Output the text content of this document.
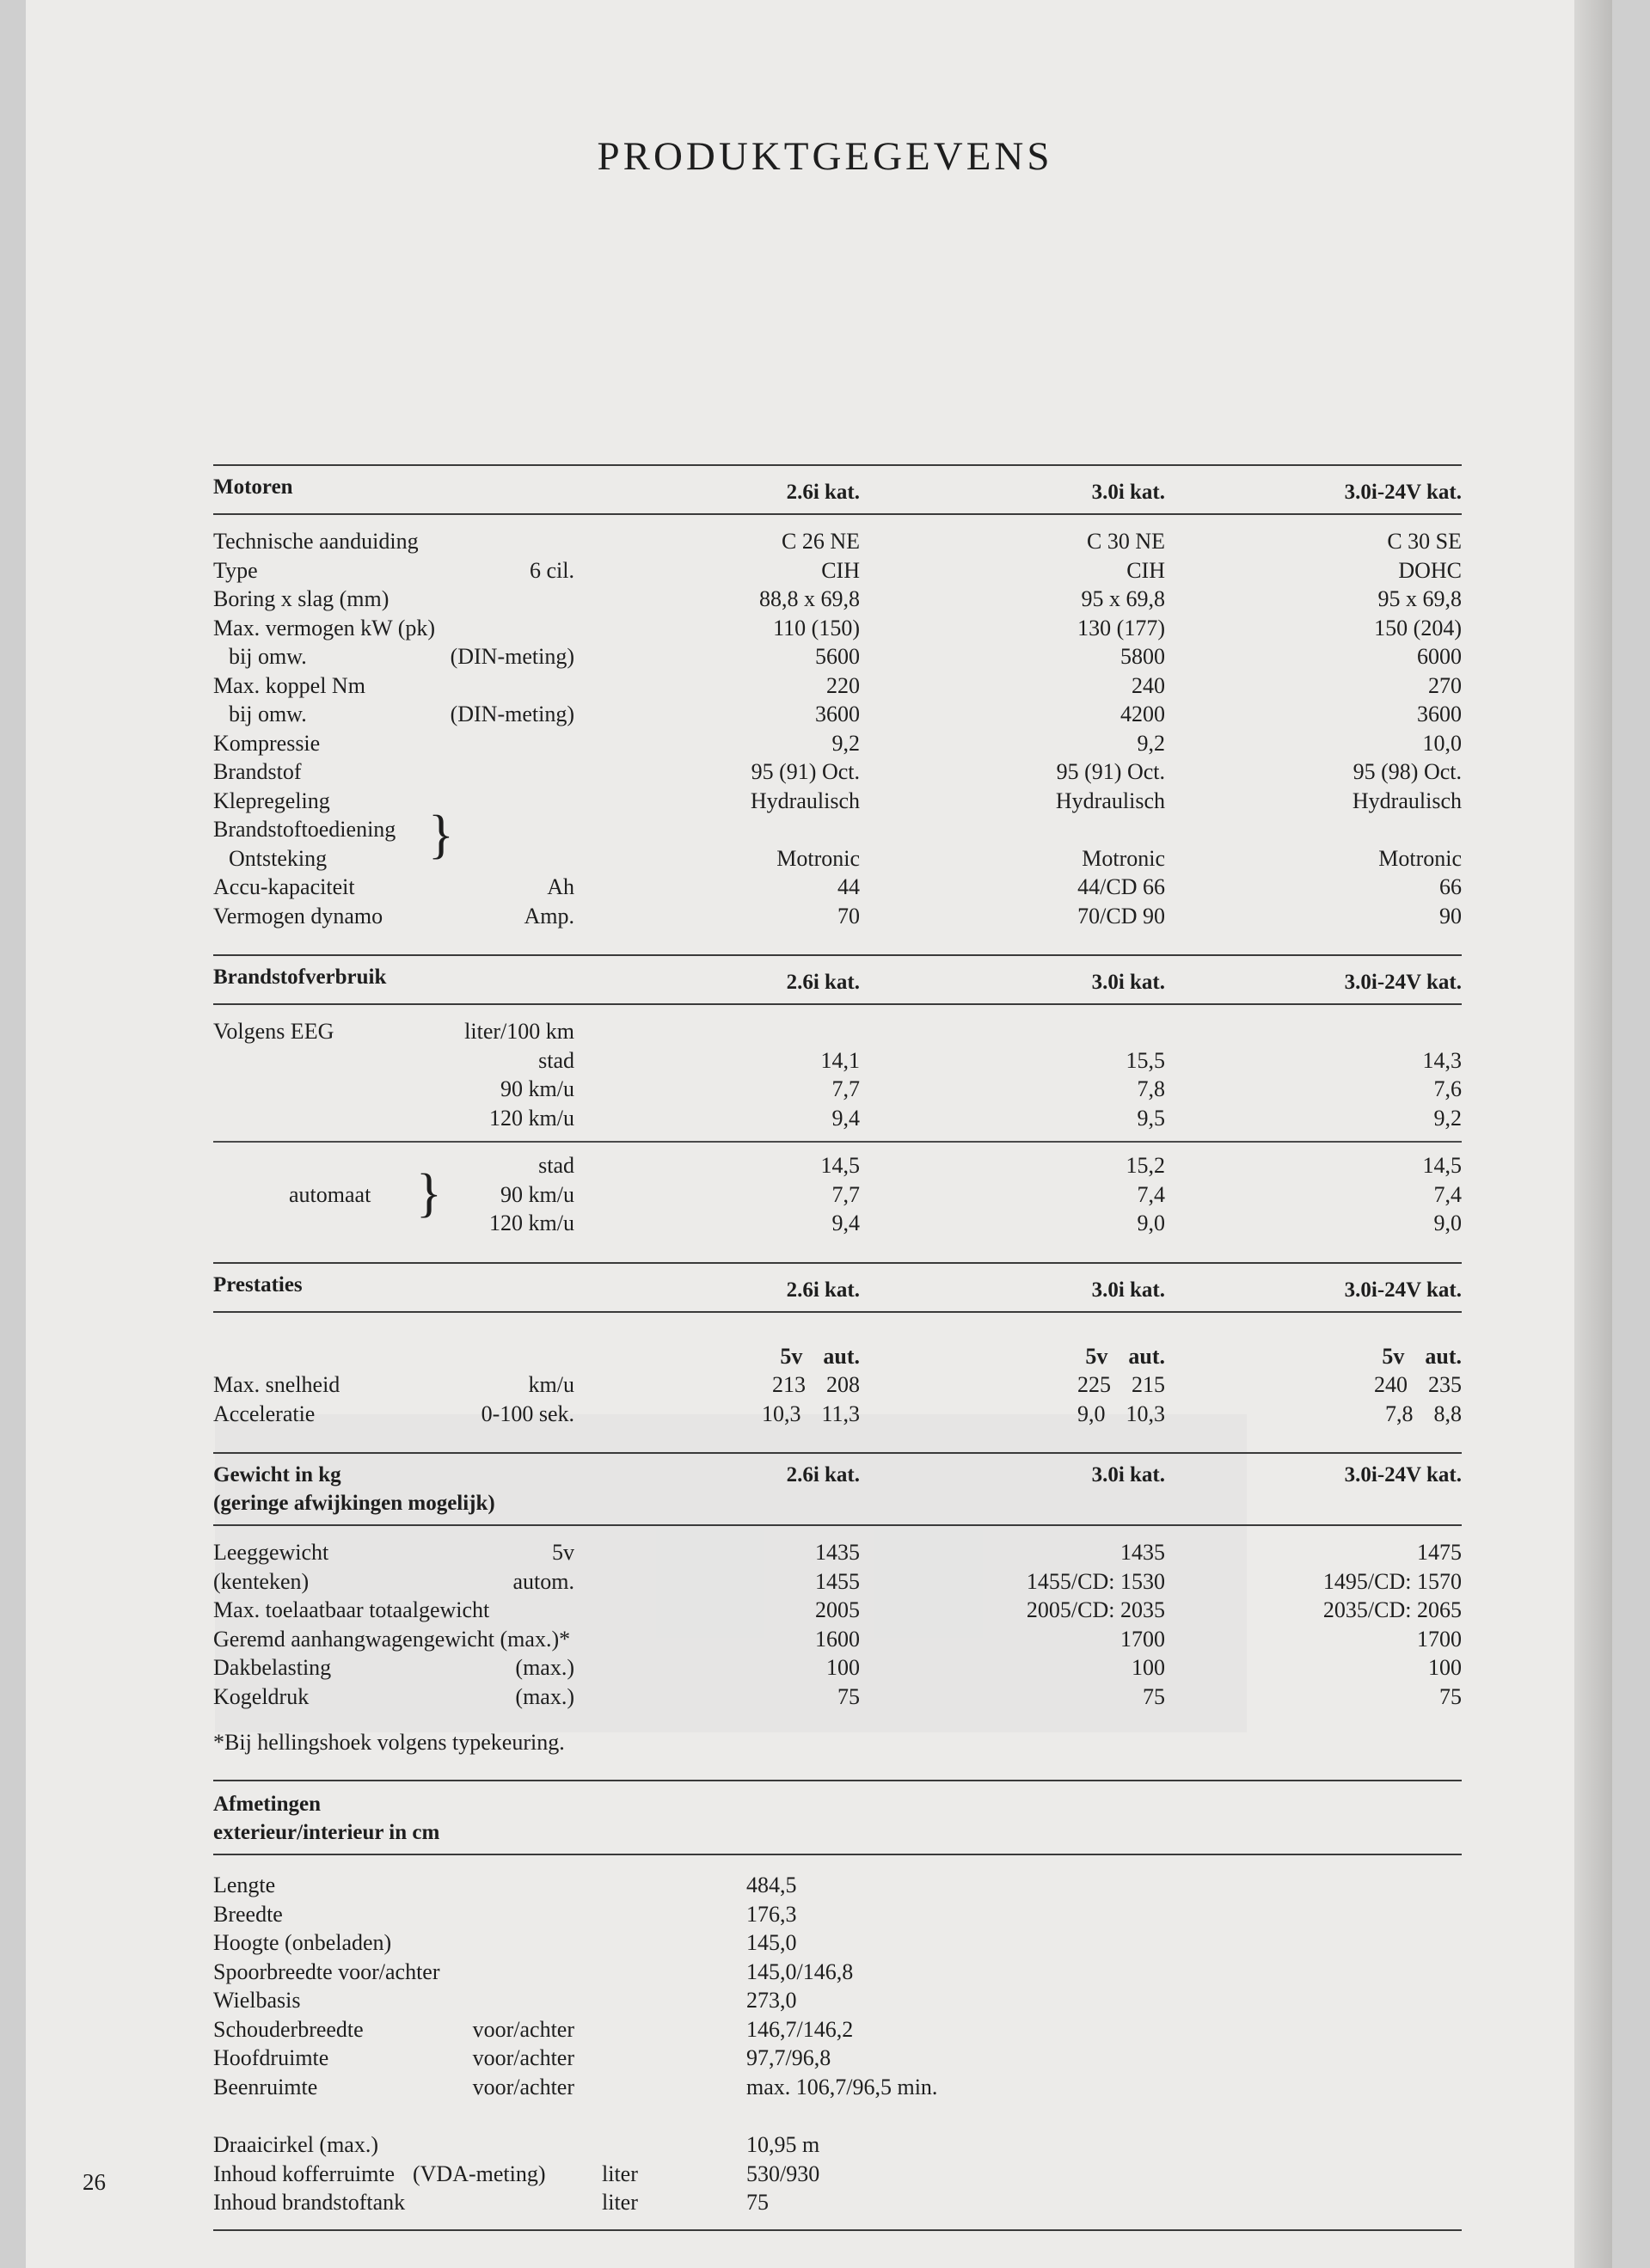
PRODUKTGEGEVENS
Motoren	2.6i kat.	3.0i kat.	3.0i-24V kat.
Technische aanduiding	C 26 NE	C 30 NE	C 30 SE
Type	6 cil.	CIH	CIH	DOHC
Boring x slag (mm)	88,8 x 69,8	95 x 69,8	95 x 69,8
Max. vermogen kW (pk)	110 (150)	130 (177)	150 (204)
bij omw.	(DIN-meting)	5600	5800	6000
Max. koppel Nm	220	240	270
bij omw.	(DIN-meting)	3600	4200	3600
Kompressie	9,2	9,2	10,0
Brandstof	95 (91) Oct.	95 (91) Oct.	95 (98) Oct.
Klepregeling	Hydraulisch	Hydraulisch	Hydraulisch
Brandstoftoediening }
Ontsteking	Motronic	Motronic	Motronic
Accu-kapaciteit	Ah	44	44/CD 66	66
Vermogen dynamo	Amp.	70	70/CD 90	90
Brandstofverbruik	2.6i kat.	3.0i kat.	3.0i-24V kat.
Volgens EEG	liter/100 km
stad	14,1	15,5	14,3
90 km/u	7,7	7,8	7,6
120 km/u	9,4	9,5	9,2
automaat }	stad	14,5	15,2	14,5
90 km/u	7,7	7,4	7,4
120 km/u	9,4	9,0	9,0
Prestaties	2.6i kat.	3.0i kat.	3.0i-24V kat.
5v aut.	5v aut.	5v aut.
Max. snelheid	km/u	213 208	225 215	240 235
Acceleratie	0-100 sek.	10,3 11,3	9,0 10,3	7,8 8,8
Gewicht in kg
(geringe afwijkingen mogelijk)
2.6i kat.	3.0i kat.	3.0i-24V kat.
Leeggewicht	5v	1435	1435	1475
(kenteken)	autom.	1455	1455/CD: 1530	1495/CD: 1570
Max. toelaatbaar totaalgewicht	2005	2005/CD: 2035	2035/CD: 2065
Geremd aanhangwagengewicht (max.)*	1600	1700	1700
Dakbelasting	(max.)	100	100	100
Kogeldruk	(max.)	75	75	75
*Bij hellingshoek volgens typekeuring.
Afmetingen
exterieur/interieur in cm
Lengte	484,5
Breedte	176,3
Hoogte (onbeladen)	145,0
Spoorbreedte voor/achter	145,0/146,8
Wielbasis	273,0
Schouderbreedte	voor/achter	146,7/146,2
Hoofdruimte	voor/achter	97,7/96,8
Beenruimte	voor/achter	max. 106,7/96,5 min.
Draaicirkel (max.)	10,95 m
Inhoud kofferruimte (VDA-meting)	liter	530/930
Inhoud brandstoftank	liter	75
26
